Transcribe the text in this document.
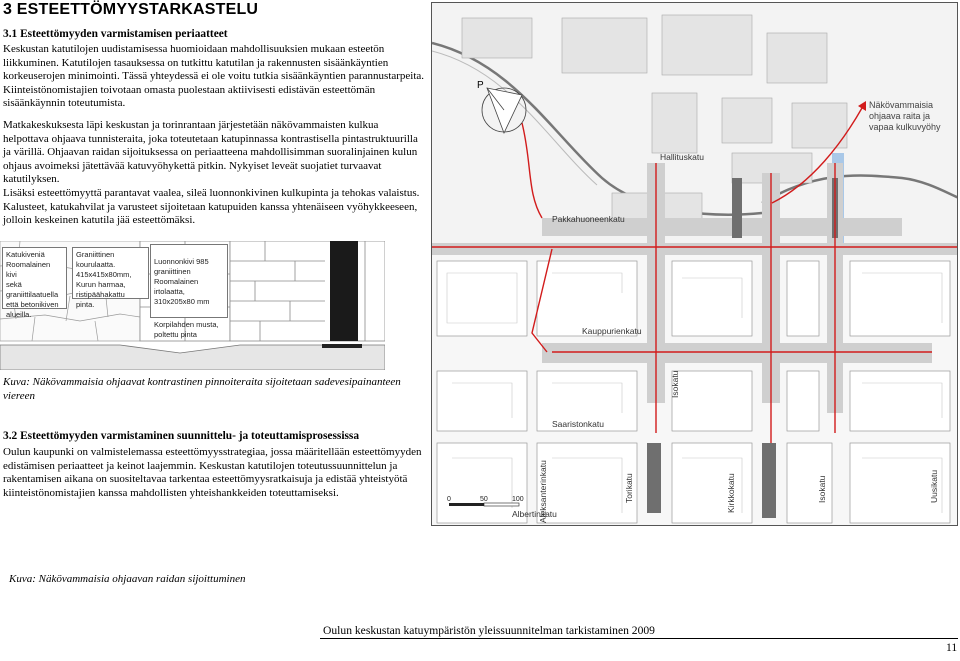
3 ESTEETTÖMYYSTARKASTELU
3.1 Esteettömyyden varmistamisen periaatteet
Keskustan katutilojen uudistamisessa huomioidaan mahdollisuuksien mukaan esteetön
liikkuminen. Katutilojen tasauksessa on tutkittu katutilan ja rakennusten sisäänkäyntien
korkeuserojen minimointi. Tässä yhteydessä ei ole voitu tutkia sisäänkäyntien parannustarpeita.
Kiinteistönomistajien toivotaan omasta puolestaan aktiivisesti edistävän esteettömän
sisäänkäynnin toteutumista.
Matkakeskuksesta läpi keskustan ja torinrantaan järjestetään näkövammaisten kulkua
helpottava ohjaava tunnisteraita, joka toteutetaan katupinnassa kontrastisella pintastruktuurilla
ja värillä. Ohjaavan raidan sijoituksessa on periaatteena mahdollisimman suoralinjainen kulun
ohjaus avoimeksi jätettävää katuvyöhykettä pitkin. Nykyiset leveät suojatiet turvaavat
katutilyksen.
Lisäksi esteettömyyttä parantavat vaalea, sileä luonnonkivinen kulkupinta ja tehokas valaistus.
Kalusteet, katukahvilat ja varusteet sijoitetaan katupuiden kanssa yhtenäiseen vyöhykkeeseen,
jolloin keskeinen katutila jää esteettömäksi.
Katukiveniä
Roomalainen kivi
sekä
graniittilaatuella
että betonikiven
alueilla.
Graniittinen
kourulaatta.
415x415x80mm,
Kurun harmaa,
ristipäähakattu pinta.

Luonnonkivi 985
graniittinen
Roomalainen
irtolaatta,
310x205x80 mm

Korpilahden musta,
poltettu pinta

Kuva: Näkövammaisia ohjaavat kontrastinen pinnoiteraita sijoitetaan sadevesipainanteen viereen
3.2 Esteettömyyden varmistaminen suunnittelu- ja toteuttamisprosessissa
Oulun kaupunki on valmistelemassa esteettömyysstrategiaa, jossa määritellään esteettömyyden
edistämisen periaatteet ja keinot laajemmin. Keskustan katutilojen toteutussuunnittelun ja
rakentamisen aikana on suositeltavaa tarkentaa esteettömyysratkaisuja ja edistää yhteistyötä
kiinteistönomistajien kanssa mahdollisten yhteishankkeiden toteuttamiseksi.
Kuva: Näkövammaisia ohjaavan raidan sijoittuminen
P
Näkövammaisia
ohjaava raita ja
vapaa kulkuvyöhy
Hallituskatu
Pakkahuoneenkatu
Kauppurienkatu
Saaristonkatu
Albertinkatu
Isokatu
Torikatu	Kirkkokatu	Isokatu	Uusikatu
Aleksanterinkatu
0	50	100
Oulun keskustan katuympäristön yleissuunnitelman tarkistaminen 2009
11
